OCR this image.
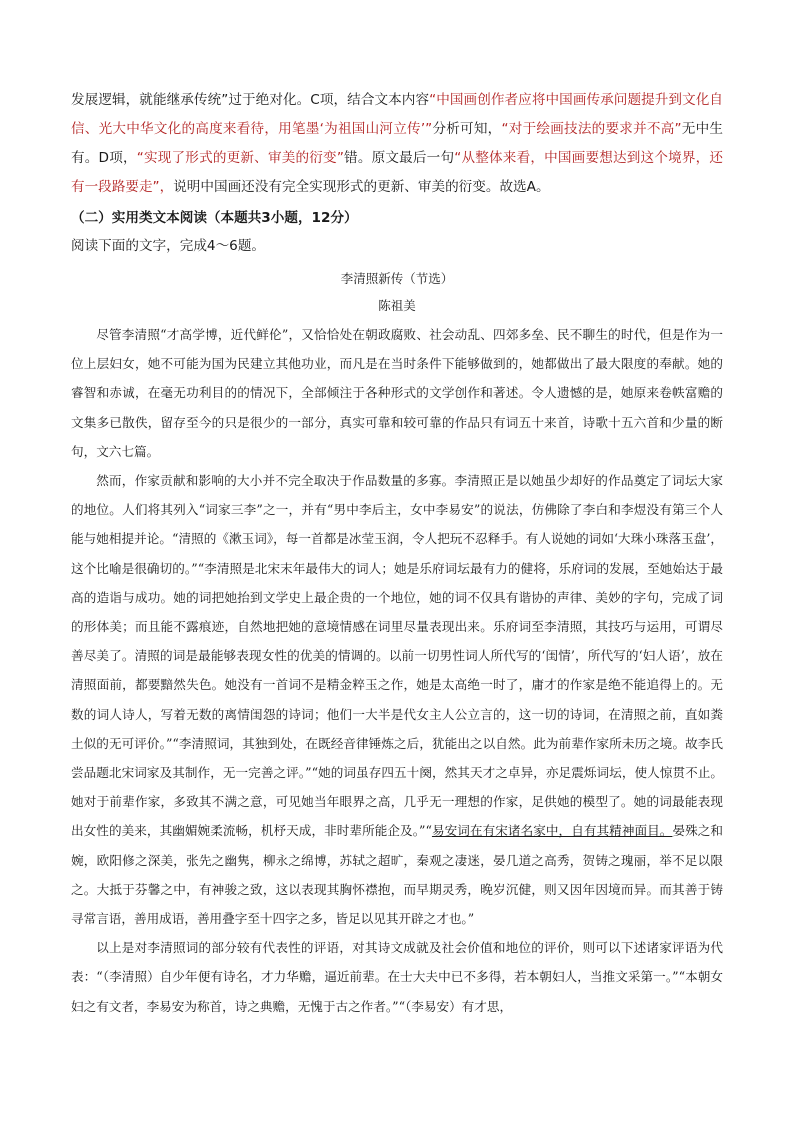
发展逻辑，就能继承传统”过于绝对化。C项，结合文本内容“中国画创作者应将中国画传承问题提升到文化自信、光大中华文化的高度来看待，用笔墨‘为祖国山河立传’”分析可知，“对于绘画技法的要求并不高”无中生有。D项，“实现了形式的更新、审美的衍变”错。原文最后一句“从整体来看，中国画要想达到这个境界，还有一段路要走”，说明中国画还没有完全实现形式的更新、审美的衍变。故选A。

（二）实用类文本阅读（本题共3小题，12分）

阅读下面的文字，完成4～6题。

李清照新传（节选）

陈祖美

尽管李清照“才高学博，近代鲜伦”，又恰恰处在朝政腐败、社会动乱、四郊多垒、民不聊生的时代，但是作为一位上层妇女，她不可能为国为民建立其他功业，而凡是在当时条件下能够做到的，她都做出了最大限度的奉献。她的睿智和赤诚，在毫无功利目的的情况下，全部倾注于各种形式的文学创作和著述。令人遗憾的是，她原来卷帙富赡的文集多已散佚，留存至今的只是很少的一部分，真实可靠和较可靠的作品只有词五十来首，诗歌十五六首和少量的断句，文六七篇。

然而，作家贡献和影响的大小并不完全取决于作品数量的多寡。李清照正是以她虽少却好的作品奠定了词坛大家的地位。人们将其列入“词家三李”之一，并有“男中李后主，女中李易安”的说法，仿佛除了李白和李煜没有第三个人能与她相提并论。“清照的《漱玉词》，每一首都是冰莹玉润，令人把玩不忍释手。有人说她的词如‘大珠小珠落玉盘’，这个比喻是很确切的。”“李清照是北宋末年最伟大的词人；她是乐府词坛最有力的健将，乐府词的发展，至她始达于最高的造诣与成功。她的词把她抬到文学史上最企贵的一个地位，她的词不仅具有谐协的声律、美妙的字句，完成了词的形体美；而且能不露痕迹，自然地把她的意境情感在词里尽量表现出来。乐府词至李清照，其技巧与运用，可谓尽善尽美了。清照的词是最能够表现女性的优美的情调的。以前一切男性词人所代写的‘闺情’，所代写的‘妇人语’，放在清照面前，都要黯然失色。她没有一首词不是精金粹玉之作，她是太高绝一时了，庸才的作家是绝不能追得上的。无数的词人诗人，写着无数的离情闺怨的诗词；他们一大半是代女主人公立言的，这一切的诗词，在清照之前，直如粪土似的无可评价。”“李清照词，其独到处，在既经音律锤炼之后，犹能出之以自然。此为前辈作家所未历之境。故李氏尝品题北宋词家及其制作，无一完善之评。”“她的词虽存四五十阕，然其天才之卓异，亦足震烁词坛，使人惊贯不止。她对于前辈作家，多致其不满之意，可见她当年眼界之高，几乎无一理想的作家，足供她的模型了。她的词最能表现出女性的美来，其幽媚婉柔流畅，机杼天成，非时辈所能企及。”“易安词在有宋诸名家中，自有其精神面目。晏殊之和婉，欧阳修之深美，张先之幽隽，柳永之绵博，苏轼之超旷，秦观之凄迷，晏几道之高秀，贺铸之瑰丽，举不足以限之。大抵于芬馨之中，有神骏之致，这以表现其胸怀襟抱，而早期灵秀，晚岁沉健，则又因年因境而异。而其善于铸寻常言语，善用成语，善用叠字至十四字之多，皆足以见其开辟之才也。”

以上是对李清照词的部分较有代表性的评语，对其诗文成就及社会价值和地位的评价，则可以下述诸家评语为代表：“（李清照）自少年便有诗名，才力华赡，逼近前辈。在士大夫中已不多得，若本朝妇人，当推文采第一。”“本朝女妇之有文者，李易安为称首，诗之典赡，无愧于古之作者。”“（李易安）有才思，
